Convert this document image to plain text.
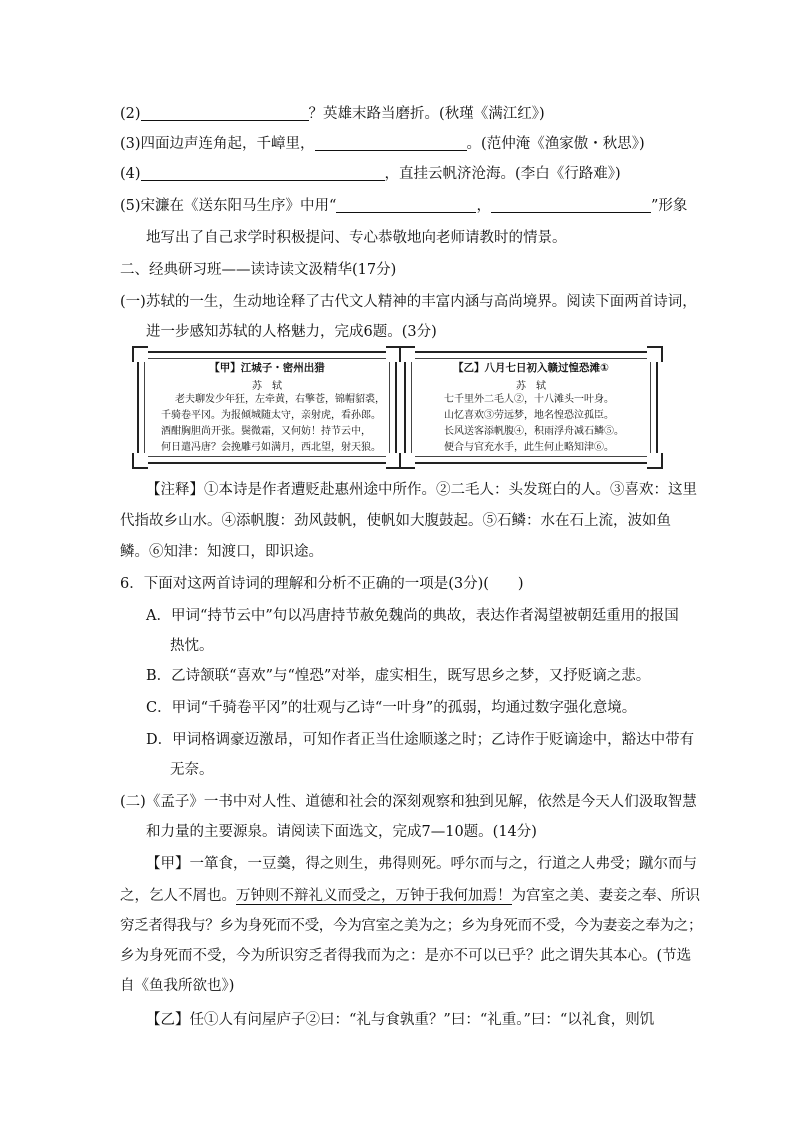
(2)	？英雄末路当磨折。(秋瑾《满江红》)
(3)四面边声连角起，千嶂里，	。(范仲淹《渔家傲・秋思》)
(4)	，直挂云帆济沧海。(李白《行路难》)
(5)宋濂在《送东阳马生序》中用“	，	”形象
地写出了自己求学时积极提问、专心恭敬地向老师请教时的情景。
二、经典研习班——读诗读文汲精华(17分)
(一)苏轼的一生，生动地诠释了古代文人精神的丰富内涵与高尚境界。阅读下面两首诗词，
进一步感知苏轼的人格魅力，完成6题。(3分)
【甲】江城子・密州出猎
苏　轼
老夫聊发少年狂，左牵黄，右擎苍，锦帽貂裘，
千骑卷平冈。为报倾城随太守，亲射虎，看孙郎。
酒酣胸胆尚开张。鬓微霜，又何妨！持节云中，
何日遣冯唐？会挽雕弓如满月，西北望，射天狼。
【乙】八月七日初入赣过惶恐滩①
苏　轼
七千里外二毛人②，十八滩头一叶身。
山忆喜欢③劳远梦，地名惶恐泣孤臣。
长风送客添帆腹④，积雨浮舟减石鳞⑤。
便合与官充水手，此生何止略知津⑥。
【注释】①本诗是作者遭贬赴惠州途中所作。②二毛人：头发斑白的人。③喜欢：这里
代指故乡山水。④添帆腹：劲风鼓帆，使帆如大腹鼓起。⑤石鳞：水在石上流，波如鱼
鳞。⑥知津：知渡口，即识途。
6．下面对这两首诗词的理解和分析不正确的一项是(3分)(　　)
A．甲词“持节云中”句以冯唐持节赦免魏尚的典故，表达作者渴望被朝廷重用的报国
热忱。
B．乙诗颔联“喜欢”与“惶恐”对举，虚实相生，既写思乡之梦，又抒贬谪之悲。
C．甲词“千骑卷平冈”的壮观与乙诗“一叶身”的孤弱，均通过数字强化意境。
D．甲词格调豪迈激昂，可知作者正当仕途顺遂之时；乙诗作于贬谪途中，豁达中带有
无奈。
(二)《孟子》一书中对人性、道德和社会的深刻观察和独到见解，依然是今天人们汲取智慧
和力量的主要源泉。请阅读下面选文，完成7—10题。(14分)
【甲】一箪食，一豆羹，得之则生，弗得则死。呼尔而与之，行道之人弗受；蹴尔而与
之，乞人不屑也。万钟则不辩礼义而受之，万钟于我何加焉！为宫室之美、妻妾之奉、所识
穷乏者得我与？乡为身死而不受，今为宫室之美为之；乡为身死而不受，今为妻妾之奉为之；
乡为身死而不受，今为所识穷乏者得我而为之：是亦不可以已乎？此之谓失其本心。(节选
自《鱼我所欲也》)
【乙】任①人有问屋庐子②曰：“礼与食孰重？”曰：“礼重。”曰：“以礼食，则饥
